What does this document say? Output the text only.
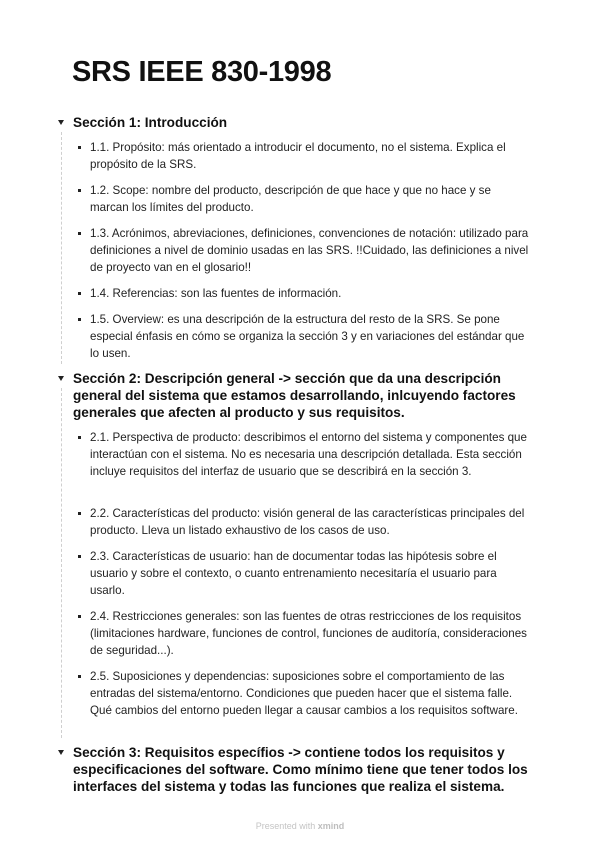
SRS IEEE 830-1998
Sección 1: Introducción
1.1. Propósito: más orientado a introducir el documento, no el sistema. Explica el propósito de la SRS.
1.2. Scope: nombre del producto, descripción de que hace y que no hace y se marcan los límites del producto.
1.3. Acrónimos, abreviaciones, definiciones, convenciones de notación: utilizado para definiciones a nivel de dominio usadas en las SRS. !!Cuidado, las definiciones a nivel de proyecto van en el glosario!!
1.4. Referencias: son las fuentes de información.
1.5. Overview: es una descripción de la estructura del resto de la SRS. Se pone especial énfasis en cómo se organiza la sección 3 y en variaciones del estándar que lo usen.
Sección 2: Descripción general -> sección que da una descripción general del sistema que estamos desarrollando, inlcuyendo factores generales que afecten al producto y sus requisitos.
2.1. Perspectiva de producto: describimos el entorno del sistema y componentes que interactúan con el sistema. No es necesaria una descripción detallada. Esta sección incluye requisitos del interfaz de usuario que se describirá en la sección 3.
2.2. Características del producto: visión general de las características principales del producto. Lleva un listado exhaustivo de los casos de uso.
2.3. Características de usuario: han de documentar todas las hipótesis sobre el usuario y sobre el contexto, o cuanto entrenamiento necesitaría el usuario para usarlo.
2.4. Restricciones generales: son las fuentes de otras restricciones de los requisitos (limitaciones hardware, funciones de control, funciones de auditoría, consideraciones de seguridad...).
2.5. Suposiciones y dependencias: suposiciones sobre el comportamiento de las entradas del sistema/entorno. Condiciones que pueden hacer que el sistema falle. Qué cambios del entorno pueden llegar a causar cambios a los requisitos software.
Sección 3: Requisitos específios -> contiene todos los requisitos y especificaciones del software. Como mínimo tiene que tener todos los interfaces del sistema y todas las funciones que realiza el sistema.
Presented with xmind
